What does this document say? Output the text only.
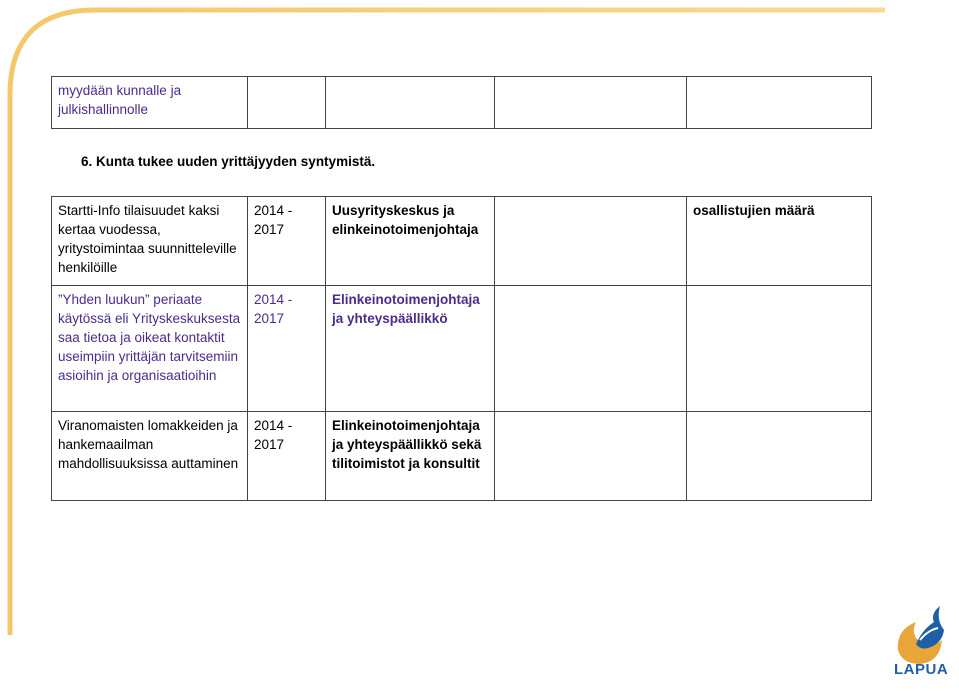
myydään kunnalle ja julkishallinnolle				
6. Kunta tukee uuden yrittäjyyden syntymistä.
Startti-Info tilaisuudet kaksi kertaa vuodessa, yritystoimintaa suunnitteleville henkilöille	2014 - 2017	Uusyrityskeskus ja elinkeinotoimenjohtaja		osallistujien määrä
”Yhden luukun” periaate käytössä eli Yrityskeskuksesta saa tietoa ja oikeat kontaktit useimpiin yrittäjän tarvitsemiin asioihin ja organisaatioihin	2014 - 2017	Elinkeinotoimenjohtaja ja yhteyspäällikkö		
Viranomaisten lomakkeiden ja hankemaailman mahdollisuuksissa auttaminen	2014 - 2017	Elinkeinotoimenjohtaja ja yhteyspäällikkö sekä tilitoimistot ja konsultit		
LAPUA
